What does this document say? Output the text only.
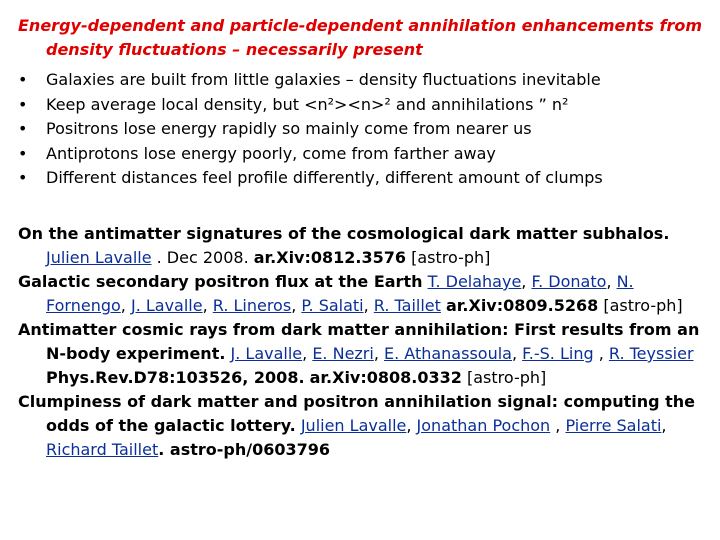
Energy-dependent and particle-dependent annihilation enhancements from
density fluctuations – necessarily present
• Galaxies are built from little galaxies – density fluctuations inevitable
• Keep average local density, but <n²><n>² and annihilations ” n²
• Positrons lose energy rapidly so mainly come from nearer us
• Antiprotons lose energy poorly, come from farther away
• Different distances feel profile differently, different amount of clumps
On the antimatter signatures of the cosmological dark matter subhalos. Julien Lavalle . Dec 2008. ar.Xiv:0812.3576 [astro-ph]
Galactic secondary positron flux at the Earth T. Delahaye, F. Donato, N. Fornengo, J. Lavalle, R. Lineros, P. Salati, R. Taillet ar.Xiv:0809.5268 [astro-ph]
Antimatter cosmic rays from dark matter annihilation: First results from an N-body experiment. J. Lavalle, E. Nezri, E. Athanassoula, F.-S. Ling , R. Teyssier Phys.Rev.D78:103526, 2008. ar.Xiv:0808.0332 [astro-ph]
Clumpiness of dark matter and positron annihilation signal: computing the odds of the galactic lottery. Julien Lavalle, Jonathan Pochon , Pierre Salati, Richard Taillet. astro-ph/0603796
